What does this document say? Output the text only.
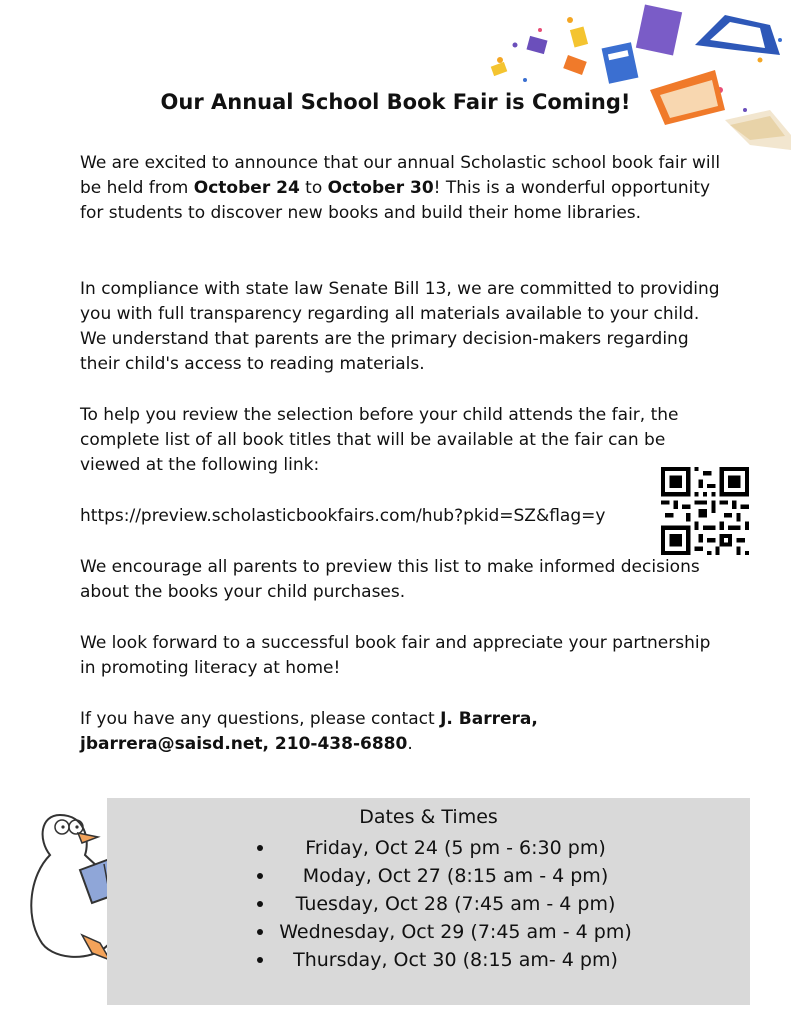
Our Annual School Book Fair is Coming!

We are excited to announce that our annual Scholastic school book fair will be held from October 24 to October 30! This is a wonderful opportunity for students to discover new books and build their home libraries.

In compliance with state law Senate Bill 13, we are committed to providing you with full transparency regarding all materials available to your child. We understand that parents are the primary decision-makers regarding their child's access to reading materials.

To help you review the selection before your child attends the fair, the complete list of all book titles that will be available at the fair can be viewed at the following link:

https://preview.scholasticbookfairs.com/hub?pkid=SZ&flag=y

We encourage all parents to preview this list to make informed decisions about the books your child purchases.

We look forward to a successful book fair and appreciate your partnership in promoting literacy at home!

If you have any questions, please contact J. Barrera, jbarrera@saisd.net, 210-438-6880.

Dates & Times
Friday, Oct 24 (5 pm - 6:30 pm)
Moday, Oct 27 (8:15 am - 4 pm)
Tuesday, Oct 28 (7:45 am - 4 pm)
Wednesday, Oct 29 (7:45 am - 4 pm)
Thursday, Oct 30 (8:15 am- 4 pm)
